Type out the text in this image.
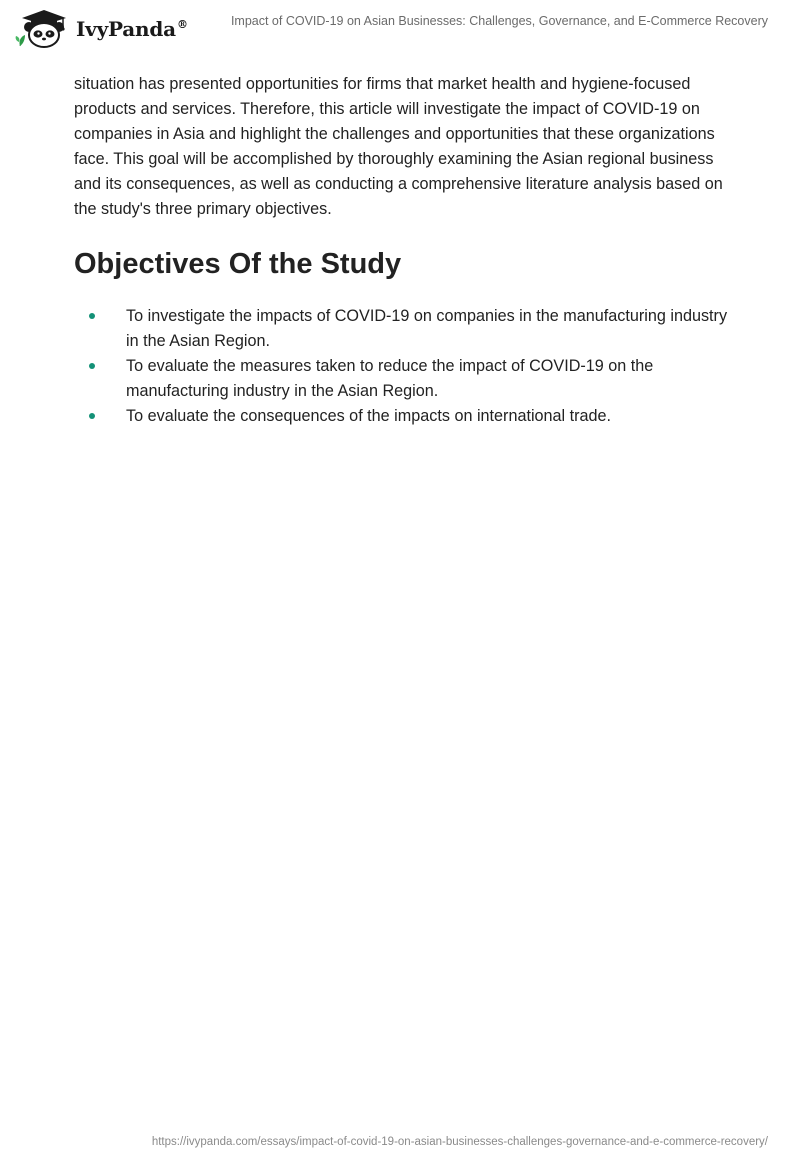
IvyPanda®	Impact of COVID-19 on Asian Businesses: Challenges, Governance, and E-Commerce Recovery

situation has presented opportunities for firms that market health and hygiene-focused products and services. Therefore, this article will investigate the impact of COVID-19 on companies in Asia and highlight the challenges and opportunities that these organizations face. This goal will be accomplished by thoroughly examining the Asian regional business and its consequences, as well as conducting a comprehensive literature analysis based on the study's three primary objectives.

Objectives Of the Study
To investigate the impacts of COVID-19 on companies in the manufacturing industry in the Asian Region.
To evaluate the measures taken to reduce the impact of COVID-19 on the manufacturing industry in the Asian Region.
To evaluate the consequences of the impacts on international trade.
https://ivypanda.com/essays/impact-of-covid-19-on-asian-businesses-challenges-governance-and-e-commerce-recovery/
